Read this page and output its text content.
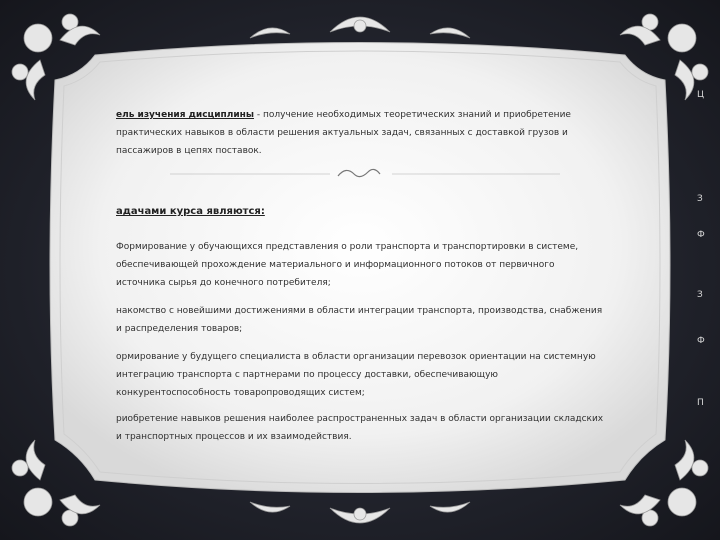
ель изучения дисциплины - получение необходимых теоретических знаний и приобретение практических навыков в области решения актуальных задач, связанных с доставкой грузов и пассажиров в цепях поставок.

адачами курса являются:
Формирование у обучающихся представления о роли транспорта и транспортировки в системе, обеспечивающей прохождение материального и информационного потоков от первичного источника сырья до конечного потребителя;
накомство с новейшими достижениями в области интеграции транспорта, производства, снабжения и распределения товаров;
ормирование у будущего специалиста в области организации перевозок ориентации на системную интеграцию транспорта с партнерами по процессу доставки, обеспечивающую конкурентоспособность товаропроводящих систем;
риобретение навыков решения наиболее распространенных задач в области организации складских и транспортных процессов и их взаимодействия.
Ц
З
Ф
З
Ф
П
